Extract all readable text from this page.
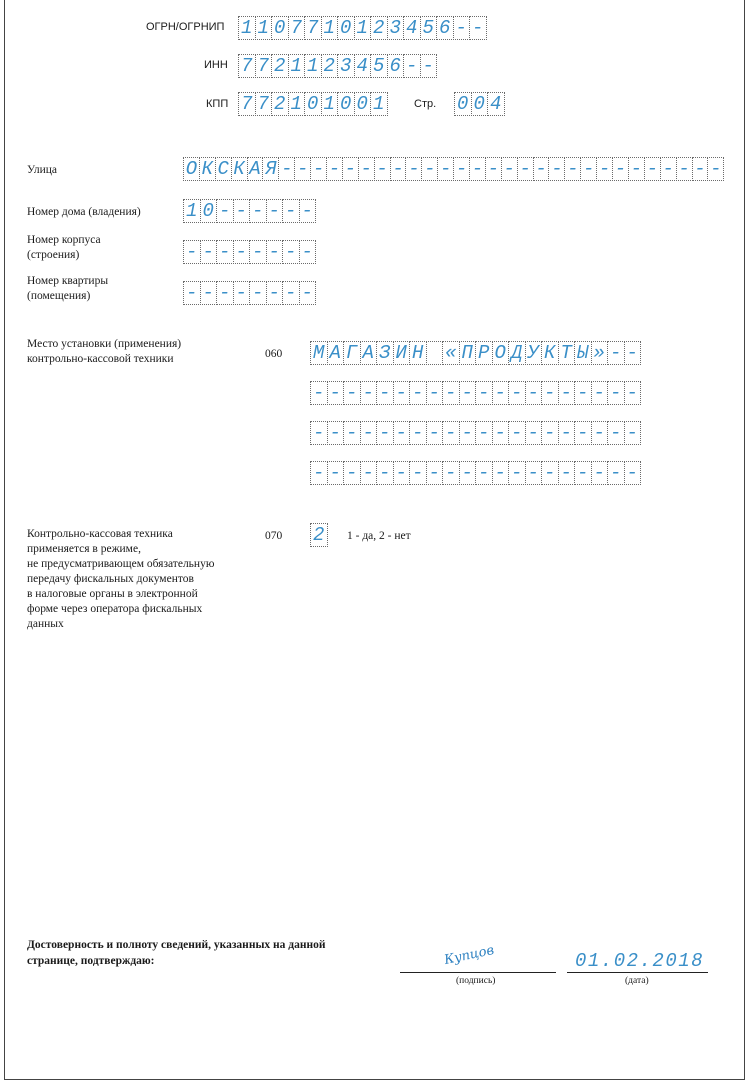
ОГРН/ОГРНИП 1 1 0 7 7 1 0 1 2 3 4 5 6 - -
ИНН 7 7 2 1 1 2 3 4 5 6 - -
КПП 7 7 2 1 0 1 0 0 1	Стр. 0 0 4
Улица	О К С К А Я - - - - - - - - - - - - - - - - - - - - - - - - - - - -
Номер дома (владения) 1 0 - - - - - -
Номер корпуса
(строения)	- - - - - - - -
Номер квартиры
(помещения)	- - - - - - - -
Место установки (применения)
контрольно-кассовой техники	060 М А Г А З И Н « П Р О Д У К Т Ы » - -
- - - - - - - - - - - - - - - - - - - -
- - - - - - - - - - - - - - - - - - - -
- - - - - - - - - - - - - - - - - - - -
Контрольно-кассовая техника
применяется в режиме,
не предусматривающем обязательную
передачу фискальных документов
в налоговые органы в электронной
форме через оператора фискальных
данных
070 2 1 - да, 2 - нет
Достоверность и полноту сведений, указанных на данной
страницe, подтверждаю:	Купцов
(подпись)
01.02.2018
(дата)
